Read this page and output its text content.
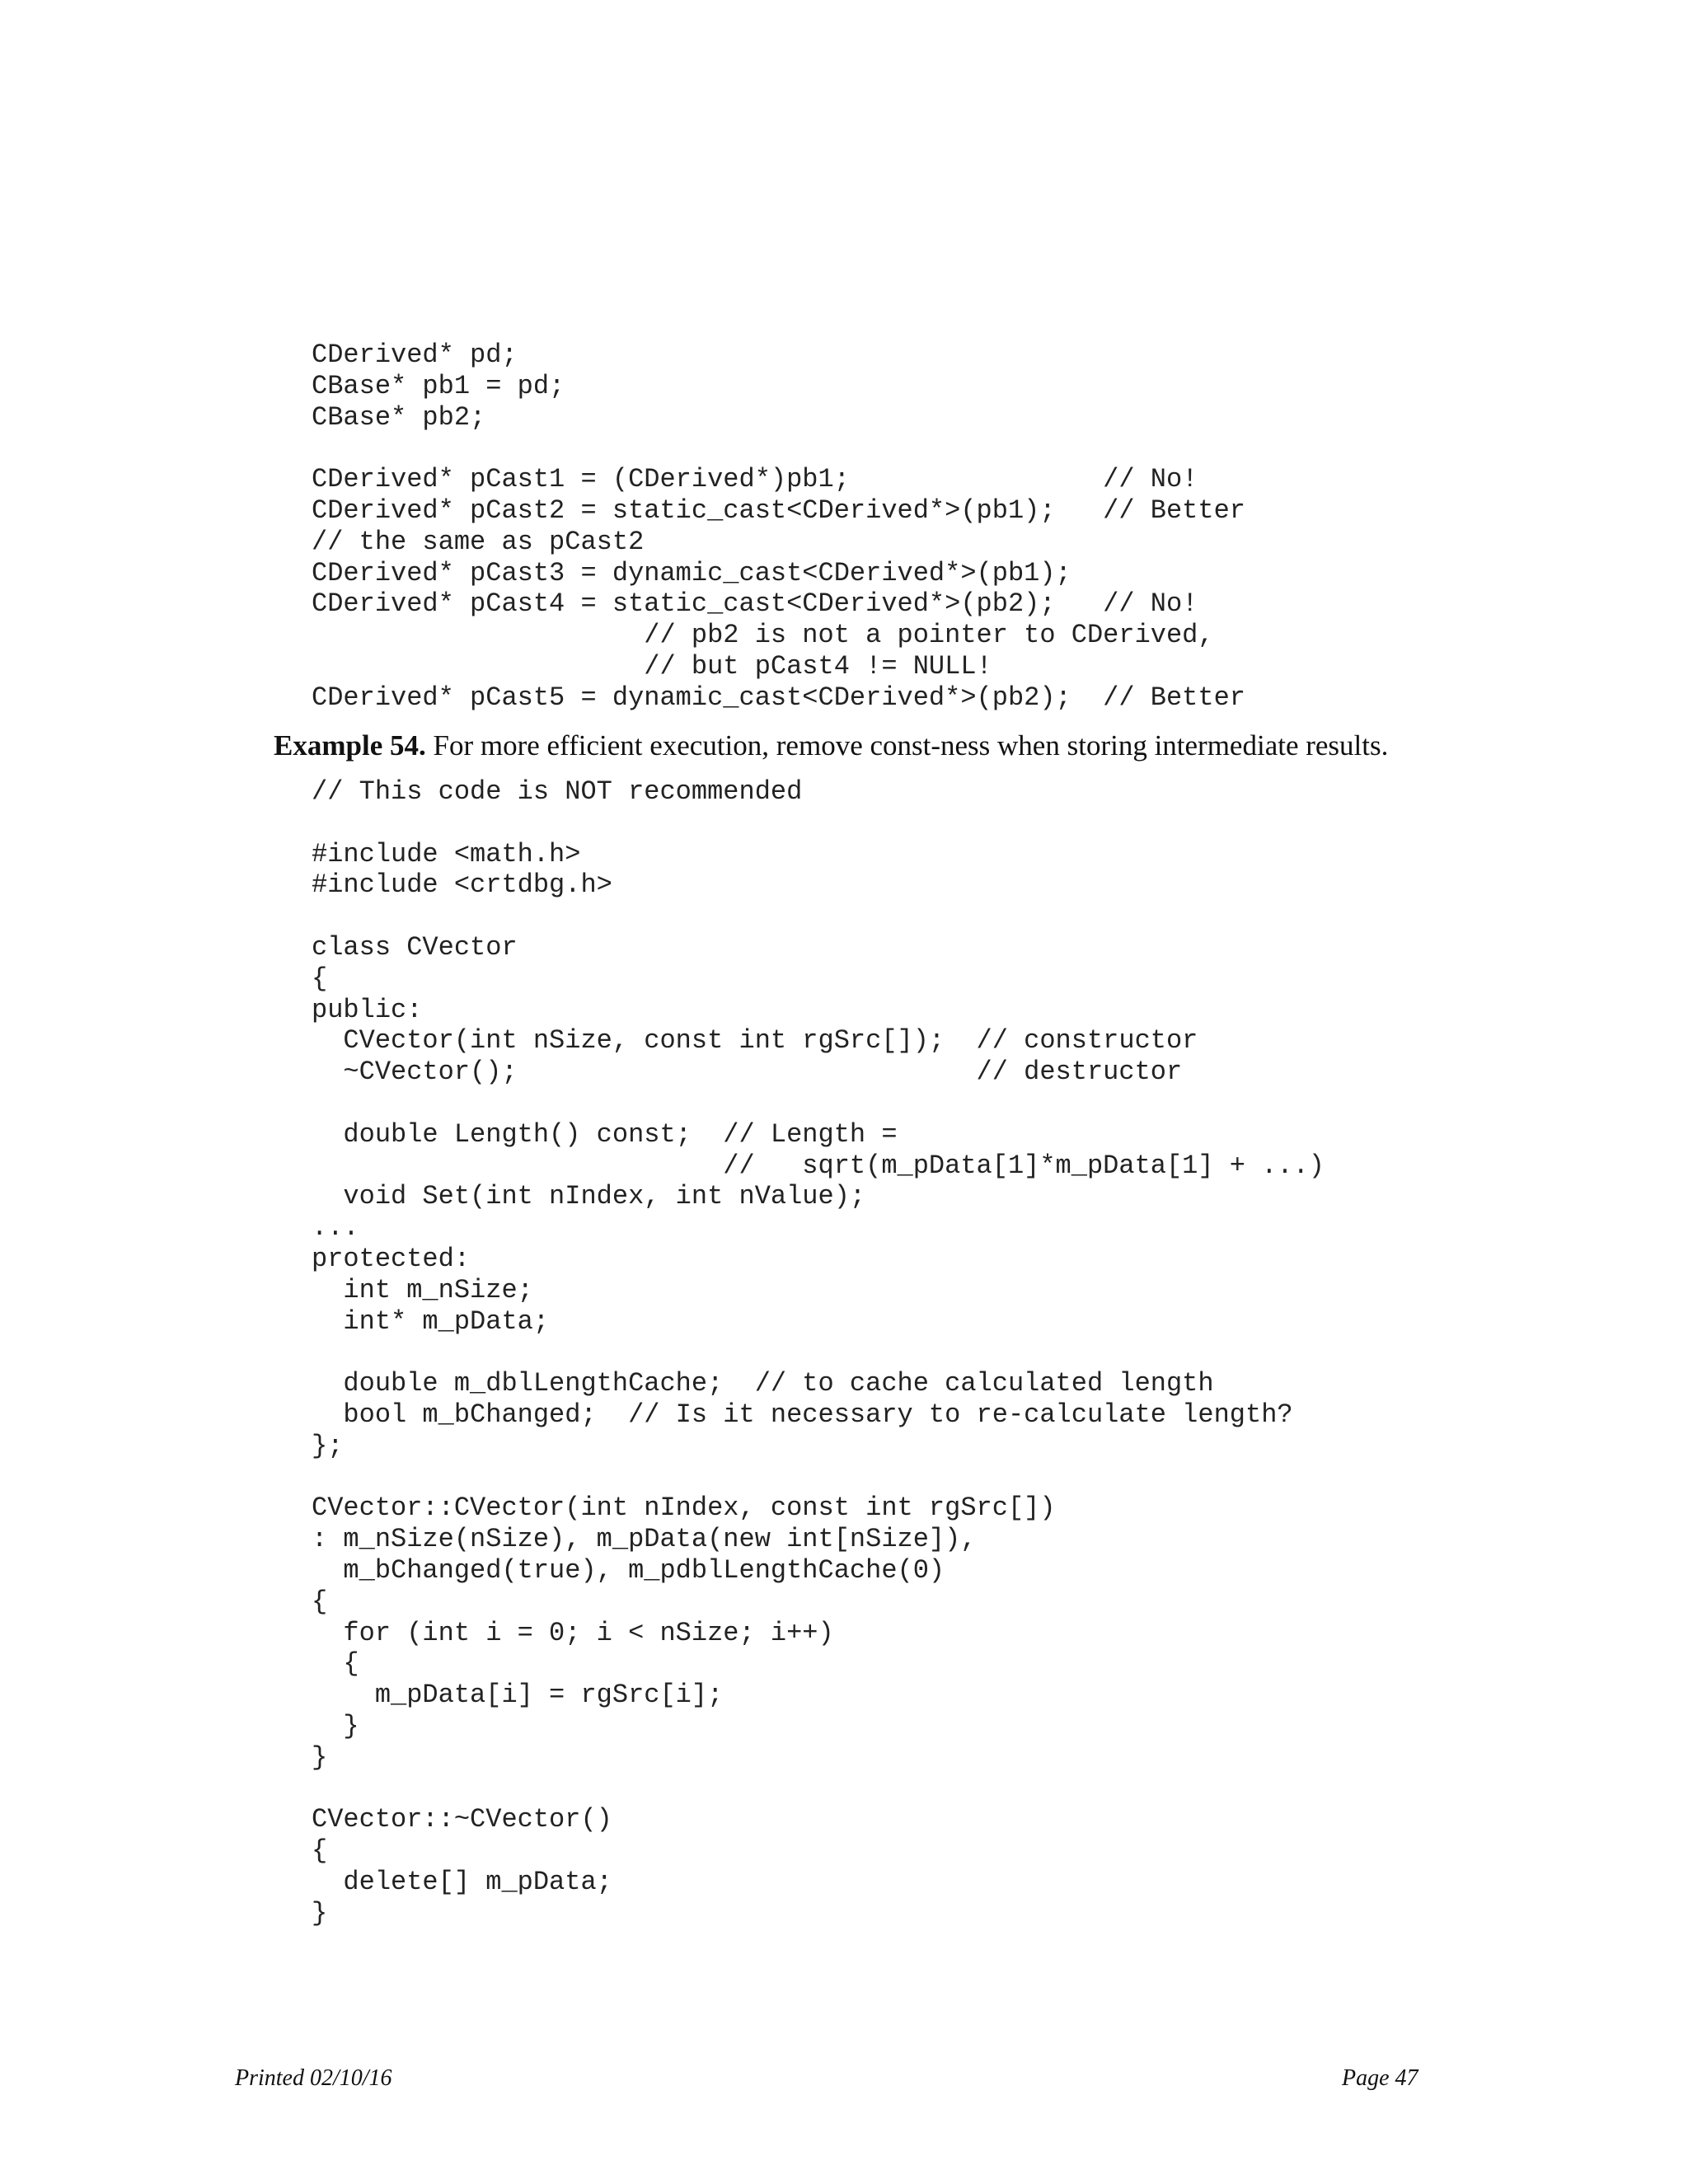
CDerived* pd;
CBase* pb1 = pd;
CBase* pb2;

CDerived* pCast1 = (CDerived*)pb1;                // No!
CDerived* pCast2 = static_cast<CDerived*>(pb1);   // Better
// the same as pCast2
CDerived* pCast3 = dynamic_cast<CDerived*>(pb1);
CDerived* pCast4 = static_cast<CDerived*>(pb2);   // No!
// pb2 is not a pointer to CDerived,
// but pCast4 != NULL!
CDerived* pCast5 = dynamic_cast<CDerived*>(pb2);  // Better
Example 54. For more efficient execution, remove const-ness when storing intermediate results.
// This code is NOT recommended

#include <math.h>
#include <crtdbg.h>

class CVector
{
public:
CVector(int nSize, const int rgSrc[]);  // constructor
~CVector();                             // destructor

double Length() const;  // Length =
//   sqrt(m_pData[1]*m_pData[1] + ...)
void Set(int nIndex, int nValue);
...
protected:
int m_nSize;
int* m_pData;

double m_dblLengthCache;  // to cache calculated length
bool m_bChanged;  // Is it necessary to re-calculate length?
};

CVector::CVector(int nIndex, const int rgSrc[])
: m_nSize(nSize), m_pData(new int[nSize]),
m_bChanged(true), m_pdblLengthCache(0)
{
for (int i = 0; i < nSize; i++)
{
m_pData[i] = rgSrc[i];
}
}

CVector::~CVector()
{
delete[] m_pData;
}
Printed 02/10/16	Page 47
